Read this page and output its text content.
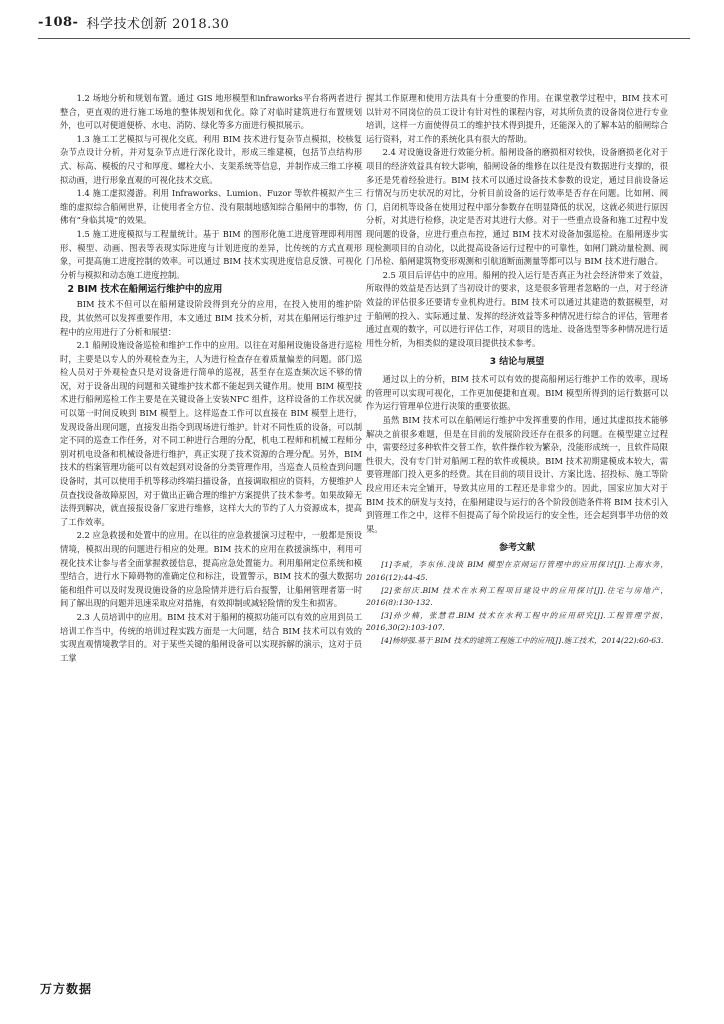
-108- 科学技术创新 2018.30

1.2 场地分析和规划布置。通过 GIS 地形模型和infraworks平台将两者进行整合，更直观的进行施工场地的整体规划和优化。除了对临时建筑进行布置规划外，也可以对便道便桥、水电、消防、绿化等多方面进行模拟展示。

1.3 施工工艺模拟与可视化交底。利用 BIM 技术进行复杂节点模拟，校核复杂节点设计分析，并对复杂节点进行深化设计，形成三维建模，包括节点结构形式、标高、模板的尺寸和厚度、螺栓大小、支架系统等信息，并制作成三维工序模拟动画，进行形象直观的可视化技术交底。

1.4 施工虚拟漫游。利用 Infraworks、Lumion、Fuzor 等软件模拟产生三维的虚拟综合船闸世界，让使用者全方位、没有限制地感知综合船闸中的事物，仿佛有“身临其境”的效果。

1.5 施工进度模拟与工程量统计。基于 BIM 的图形化施工进度管理即利用图形、模型、动画、图表等表现实际进度与计划进度的差异，比传统的方式直观形象，可提高施工进度控制的效率。可以通过 BIM 技术实现进度信息反馈、可视化分析与模拟和动态施工进度控制。

2 BIM 技术在船闸运行维护中的应用

BIM 技术不但可以在船闸建设阶段得到充分的应用，在投入使用的维护阶段，其依然可以发挥重要作用，本文通过 BIM 技术分析，对其在船闸运行维护过程中的应用进行了分析和展望：

2.1 船闸设施设备巡检和维护工作中的应用。以往在对船闸设施设备进行巡检时，主要是以专人的外观检查为主，人为进行检查存在着质量偏差的问题。部门巡检人员对于外观检查只是对设备进行简单的巡视，甚至存在巡查频次远不够的情况，对于设备出现的问题和关键维护技术都不能起到关键作用。使用 BIM 模型技术进行船闸巡检工作主要是在关键设备上安装NFC 组件，这样设备的工作状况就可以第一时间反映到 BIM 模型上。这样巡查工作可以直接在 BIM 模型上进行，发现设备出现问题，直接发出指令到现场进行维护。针对不同性质的设备，可以制定不同的巡查工作任务，对不同工种进行合理的分配，机电工程师和机械工程师分别对机电设备和机械设备进行维护，真正实现了技术资源的合理分配。另外，BIM 技术的档案管理功能可以有效起到对设备的分类管理作用，当巡查人员检查到问题设备时，其可以使用手机等移动终端扫描设备，直接调取相应的资料，方便维护人员查找设备故障原因，对于做出正确合理的维护方案提供了技术参考。如果故障无法得到解决，就直接报设备厂家进行维修，这样大大的节约了人力资源成本，提高了工作效率。

2.2 应急救援和处置中的应用。在以往的应急救援演习过程中，一般都是预设情境，模拟出现的问题进行相应的处理。BIM 技术的应用在救援演练中，利用可视化技术让参与者全面掌握救援信息，提高应急处置能力。利用船闸定位系统和模型结合，进行水下障碍物的准确定位和标注，设置警示，BIM 技术的强大数据功能和组件可以及时发现设施设备的应急险情并进行后台报警，让船闸管理者第一时间了解出现的问题并迅速采取应对措施，有效抑制或减轻险情的发生和损害。

2.3 人员培训中的应用。BIM 技术对于船闸的模拟功能可以有效的应用到员工培训工作当中，传统的培训过程实践方面是一大问题，结合 BIM 技术可以有效的实现直观情境教学目的。对于某些关键的船闸设备可以实现拆解的演示，这对于员工掌

握其工作原理和使用方法具有十分重要的作用。在课堂教学过程中，BIM 技术可以针对不同岗位的员工设计有针对性的课程内容，对其所负责的设备岗位进行专业培训，这样一方面使得员工的维护技术得到提升，还能深入的了解本站的船闸综合运行资料，对工作的系统化具有很大的帮助。

2.4 对设施设备进行效能分析。船闸设备的磨损相对较快，设备磨损老化对于项目的经济效益具有较大影响，船闸设备的维修在以往是没有数据进行支撑的，很多还是凭着经验进行。BIM 技术可以通过设备技术参数的设定，通过目前设备运行情况与历史状况的对比，分析目前设备的运行效率是否存在问题。比如闸、阀门，启闭机等设备在使用过程中部分参数存在明显降低的状况，这就必须进行原因分析，对其进行检修，决定是否对其进行大修。对于一些重点设备和施工过程中发现问题的设备，应进行重点布控，通过 BIM 技术对设备加强巡检。在船闸逐步实现检测项目的自动化，以此提高设备运行过程中的可靠性，如闸门跳动量检测、阀门吊检、船闸建筑物变形观测和引航道断面测量等都可以与 BIM 技术进行融合。

2.5 项目后评估中的应用。船闸的投入运行是否真正为社会经济带来了效益，所取得的效益是否达到了当初设计的要求，这是很多管理者忽略的一点，对于经济效益的评估很多还要请专业机构进行。BIM 技术可以通过其建造的数据模型，对于船闸的投入、实际通过量、发挥的经济效益等多种情况进行综合的评估，管理者通过直观的数字，可以进行评估工作，对项目的选址、设备选型等多种情况进行适用性分析，为相类似的建设项目提供技术参考。

3 结论与展望

通过以上的分析，BIM 技术可以有效的提高船闸运行维护工作的效率，现场的管理可以实现可视化，工作更加便捷和直观。BIM 模型所得到的运行数据可以作为运行管理单位进行决策的重要依据。

虽然 BIM 技术可以在船闸运行维护中发挥重要的作用，通过其虚拟技术能够解决之前很多难题，但是在目前的发展阶段还存在很多的问题。在模型建立过程中，需要经过多种软件交替工作，软件操作较为繁杂，没能形成统一，且软件局限性很大，没有专门针对船闸工程的软件或模块。BIM 技术初期建模成本较大，需要管理部门投入更多的经费。其在目前的项目设计、方案比选、招投标、施工等阶段应用还未完全铺开，导致其应用的工程还是非常少的。因此，国家应加大对于 BIM 技术的研发与支持，在船闸建设与运行的各个阶段创造条件将 BIM 技术引入到管理工作之中，这样不但提高了每个阶段运行的安全性，还会起到事半功倍的效果。

参考文献

[1]李威，李东伟.浅谈 BIM 模型在京闸运行管理中的应用探讨[J].上海水务，2016(12):44-45.

[2]张绍庆.BIM 技术在水利工程项目建设中的应用探讨[J].住宅与房地产，2016(8):130-132.

[3]孙少楠，张慧君.BIM 技术在水利工程中的应用研究[J].工程管理学报，2016,30(2):103-107.

[4]杨婷强.基于 BIM 技术的建筑工程施工中的应用[J].施工技术，2014(22):60-63.

万方数据
